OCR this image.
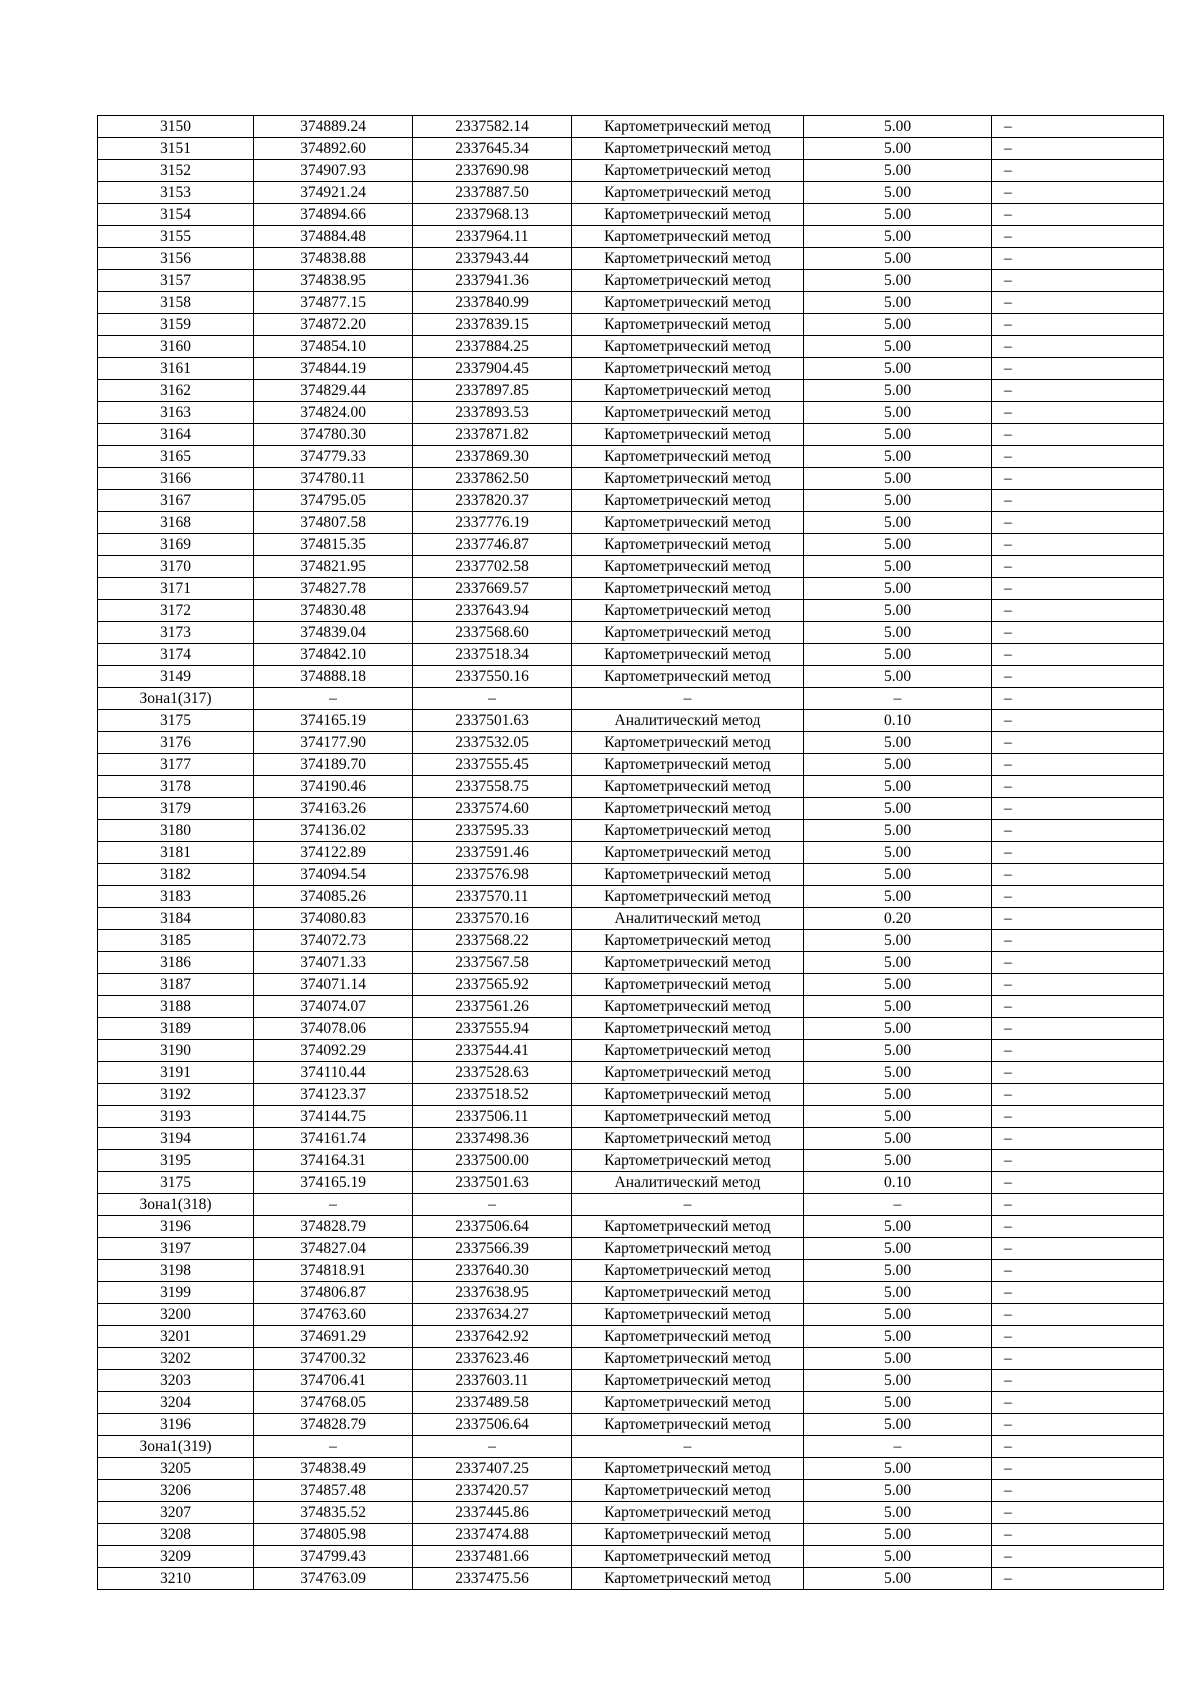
3150	374889.24	2337582.14	Картометрический метод	5.00	–
3151	374892.60	2337645.34	Картометрический метод	5.00	–
3152	374907.93	2337690.98	Картометрический метод	5.00	–
3153	374921.24	2337887.50	Картометрический метод	5.00	–
3154	374894.66	2337968.13	Картометрический метод	5.00	–
3155	374884.48	2337964.11	Картометрический метод	5.00	–
3156	374838.88	2337943.44	Картометрический метод	5.00	–
3157	374838.95	2337941.36	Картометрический метод	5.00	–
3158	374877.15	2337840.99	Картометрический метод	5.00	–
3159	374872.20	2337839.15	Картометрический метод	5.00	–
3160	374854.10	2337884.25	Картометрический метод	5.00	–
3161	374844.19	2337904.45	Картометрический метод	5.00	–
3162	374829.44	2337897.85	Картометрический метод	5.00	–
3163	374824.00	2337893.53	Картометрический метод	5.00	–
3164	374780.30	2337871.82	Картометрический метод	5.00	–
3165	374779.33	2337869.30	Картометрический метод	5.00	–
3166	374780.11	2337862.50	Картометрический метод	5.00	–
3167	374795.05	2337820.37	Картометрический метод	5.00	–
3168	374807.58	2337776.19	Картометрический метод	5.00	–
3169	374815.35	2337746.87	Картометрический метод	5.00	–
3170	374821.95	2337702.58	Картометрический метод	5.00	–
3171	374827.78	2337669.57	Картометрический метод	5.00	–
3172	374830.48	2337643.94	Картометрический метод	5.00	–
3173	374839.04	2337568.60	Картометрический метод	5.00	–
3174	374842.10	2337518.34	Картометрический метод	5.00	–
3149	374888.18	2337550.16	Картометрический метод	5.00	–
Зона1(317)	–	–	–	–	–
3175	374165.19	2337501.63	Аналитический метод	0.10	–
3176	374177.90	2337532.05	Картометрический метод	5.00	–
3177	374189.70	2337555.45	Картометрический метод	5.00	–
3178	374190.46	2337558.75	Картометрический метод	5.00	–
3179	374163.26	2337574.60	Картометрический метод	5.00	–
3180	374136.02	2337595.33	Картометрический метод	5.00	–
3181	374122.89	2337591.46	Картометрический метод	5.00	–
3182	374094.54	2337576.98	Картометрический метод	5.00	–
3183	374085.26	2337570.11	Картометрический метод	5.00	–
3184	374080.83	2337570.16	Аналитический метод	0.20	–
3185	374072.73	2337568.22	Картометрический метод	5.00	–
3186	374071.33	2337567.58	Картометрический метод	5.00	–
3187	374071.14	2337565.92	Картометрический метод	5.00	–
3188	374074.07	2337561.26	Картометрический метод	5.00	–
3189	374078.06	2337555.94	Картометрический метод	5.00	–
3190	374092.29	2337544.41	Картометрический метод	5.00	–
3191	374110.44	2337528.63	Картометрический метод	5.00	–
3192	374123.37	2337518.52	Картометрический метод	5.00	–
3193	374144.75	2337506.11	Картометрический метод	5.00	–
3194	374161.74	2337498.36	Картометрический метод	5.00	–
3195	374164.31	2337500.00	Картометрический метод	5.00	–
3175	374165.19	2337501.63	Аналитический метод	0.10	–
Зона1(318)	–	–	–	–	–
3196	374828.79	2337506.64	Картометрический метод	5.00	–
3197	374827.04	2337566.39	Картометрический метод	5.00	–
3198	374818.91	2337640.30	Картометрический метод	5.00	–
3199	374806.87	2337638.95	Картометрический метод	5.00	–
3200	374763.60	2337634.27	Картометрический метод	5.00	–
3201	374691.29	2337642.92	Картометрический метод	5.00	–
3202	374700.32	2337623.46	Картометрический метод	5.00	–
3203	374706.41	2337603.11	Картометрический метод	5.00	–
3204	374768.05	2337489.58	Картометрический метод	5.00	–
3196	374828.79	2337506.64	Картометрический метод	5.00	–
Зона1(319)	–	–	–	–	–
3205	374838.49	2337407.25	Картометрический метод	5.00	–
3206	374857.48	2337420.57	Картометрический метод	5.00	–
3207	374835.52	2337445.86	Картометрический метод	5.00	–
3208	374805.98	2337474.88	Картометрический метод	5.00	–
3209	374799.43	2337481.66	Картометрический метод	5.00	–
3210	374763.09	2337475.56	Картометрический метод	5.00	–
